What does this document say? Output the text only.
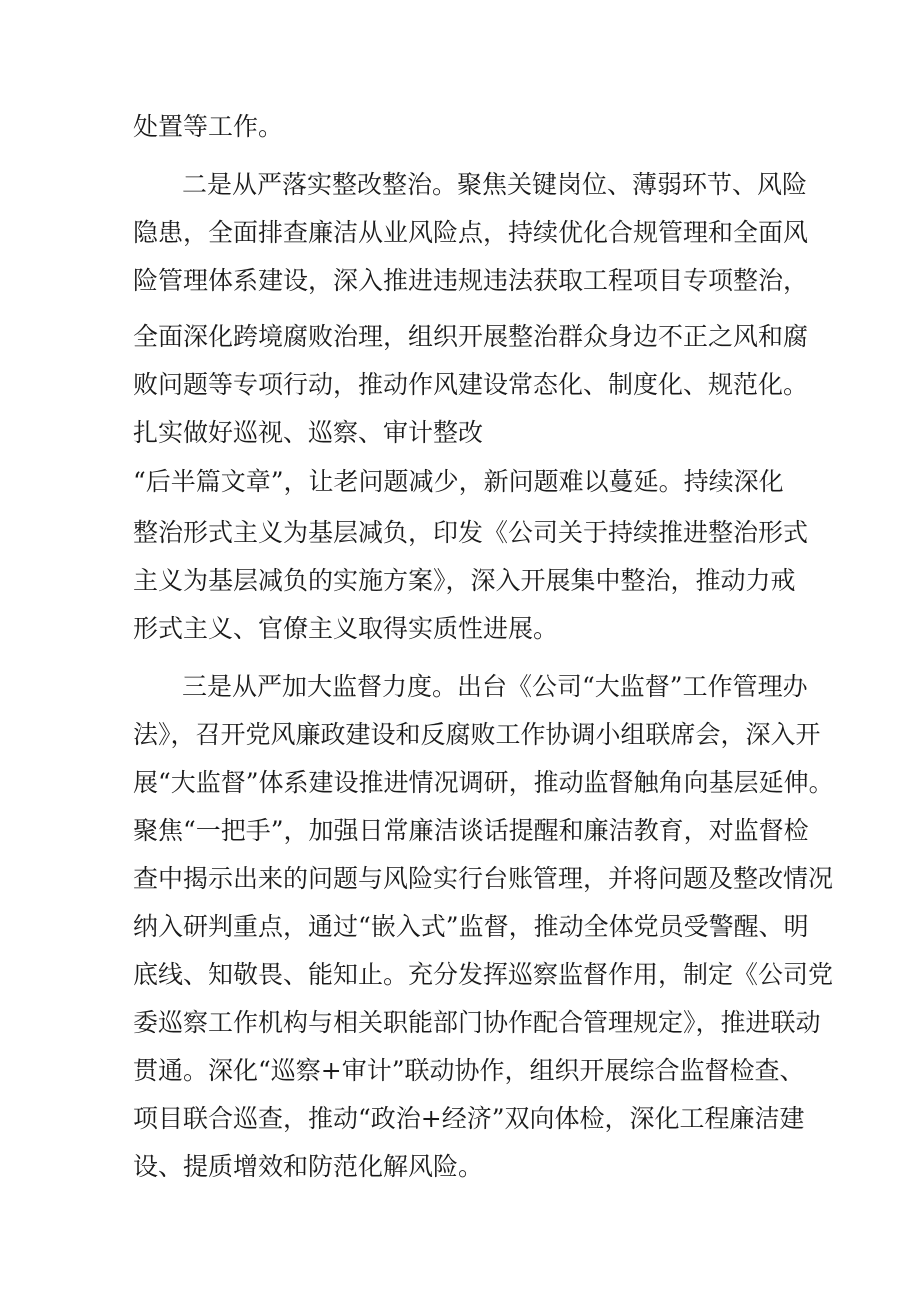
处置等工作。

二是从严落实整改整治。聚焦关键岗位、薄弱环节、风险

隐患，全面排查廉洁从业风险点，持续优化合规管理和全面风

险管理体系建设，深入推进违规违法获取工程项目专项整治，

全面深化跨境腐败治理，组织开展整治群众身边不正之风和腐

败问题等专项行动，推动作风建设常态化、制度化、规范化。

扎实做好巡视、巡察、审计整改

“后半篇文章”，让老问题减少，新问题难以蔓延。持续深化

整治形式主义为基层减负，印发《公司关于持续推进整治形式

主义为基层减负的实施方案》，深入开展集中整治，推动力戒

形式主义、官僚主义取得实质性进展。

三是从严加大监督力度。出台《公司“大监督”工作管理办

法》，召开党风廉政建设和反腐败工作协调小组联席会，深入开

展“大监督”体系建设推进情况调研，推动监督触角向基层延伸。

聚焦“一把手”，加强日常廉洁谈话提醒和廉洁教育，对监督检

查中揭示出来的问题与风险实行台账管理，并将问题及整改情况

纳入研判重点，通过“嵌入式”监督，推动全体党员受警醒、明

底线、知敬畏、能知止。充分发挥巡察监督作用，制定《公司党

委巡察工作机构与相关职能部门协作配合管理规定》，推进联动

贯通。深化“巡察+审计”联动协作，组织开展综合监督检查、

项目联合巡查，推动“政治+经济”双向体检，深化工程廉洁建

设、提质增效和防范化解风险。
